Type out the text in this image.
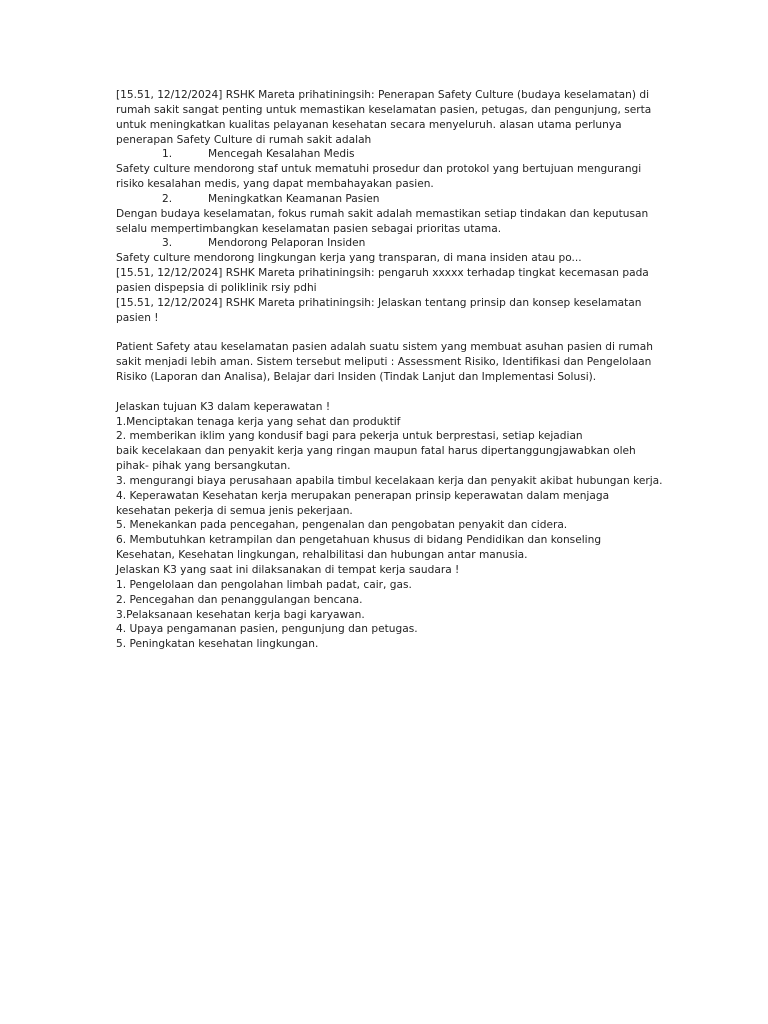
[15.51, 12/12/2024] RSHK Mareta prihatiningsih: Penerapan Safety Culture (budaya keselamatan) di
rumah sakit sangat penting untuk memastikan keselamatan pasien, petugas, dan pengunjung, serta
untuk meningkatkan kualitas pelayanan kesehatan secara menyeluruh. alasan utama perlunya
penerapan Safety Culture di rumah sakit adalah
1.	Mencegah Kesalahan Medis
Safety culture mendorong staf untuk mematuhi prosedur dan protokol yang bertujuan mengurangi
risiko kesalahan medis, yang dapat membahayakan pasien.
2.	Meningkatkan Keamanan Pasien
Dengan budaya keselamatan, fokus rumah sakit adalah memastikan setiap tindakan dan keputusan
selalu mempertimbangkan keselamatan pasien sebagai prioritas utama.
3.	Mendorong Pelaporan Insiden
Safety culture mendorong lingkungan kerja yang transparan, di mana insiden atau po...
[15.51, 12/12/2024] RSHK Mareta prihatiningsih: pengaruh xxxxx terhadap tingkat kecemasan pada
pasien dispepsia di poliklinik rsiy pdhi
[15.51, 12/12/2024] RSHK Mareta prihatiningsih: Jelaskan tentang prinsip dan konsep keselamatan
pasien !
Patient Safety atau keselamatan pasien adalah suatu sistem yang membuat asuhan pasien di rumah
sakit menjadi lebih aman. Sistem tersebut meliputi : Assessment Risiko, Identifikasi dan Pengelolaan
Risiko (Laporan dan Analisa), Belajar dari Insiden (Tindak Lanjut dan Implementasi Solusi).
Jelaskan tujuan K3 dalam keperawatan !
1.Menciptakan tenaga kerja yang sehat dan produktif
2. memberikan iklim yang kondusif bagi para pekerja untuk berprestasi, setiap kejadian
baik kecelakaan dan penyakit kerja yang ringan maupun fatal harus dipertanggungjawabkan oleh
pihak- pihak yang bersangkutan.
3. mengurangi biaya perusahaan apabila timbul kecelakaan kerja dan penyakit akibat hubungan kerja.
4. Keperawatan Kesehatan kerja merupakan penerapan prinsip keperawatan dalam menjaga
kesehatan pekerja di semua jenis pekerjaan.
5. Menekankan pada pencegahan, pengenalan dan pengobatan penyakit dan cidera.
6. Membutuhkan ketrampilan dan pengetahuan khusus di bidang Pendidikan dan konseling
Kesehatan, Kesehatan lingkungan, rehalbilitasi dan hubungan antar manusia.
Jelaskan K3 yang saat ini dilaksanakan di tempat kerja saudara !
1. Pengelolaan dan pengolahan limbah padat, cair, gas.
2. Pencegahan dan penanggulangan bencana.
3.Pelaksanaan kesehatan kerja bagi karyawan.
4. Upaya pengamanan pasien, pengunjung dan petugas.
5. Peningkatan kesehatan lingkungan.
